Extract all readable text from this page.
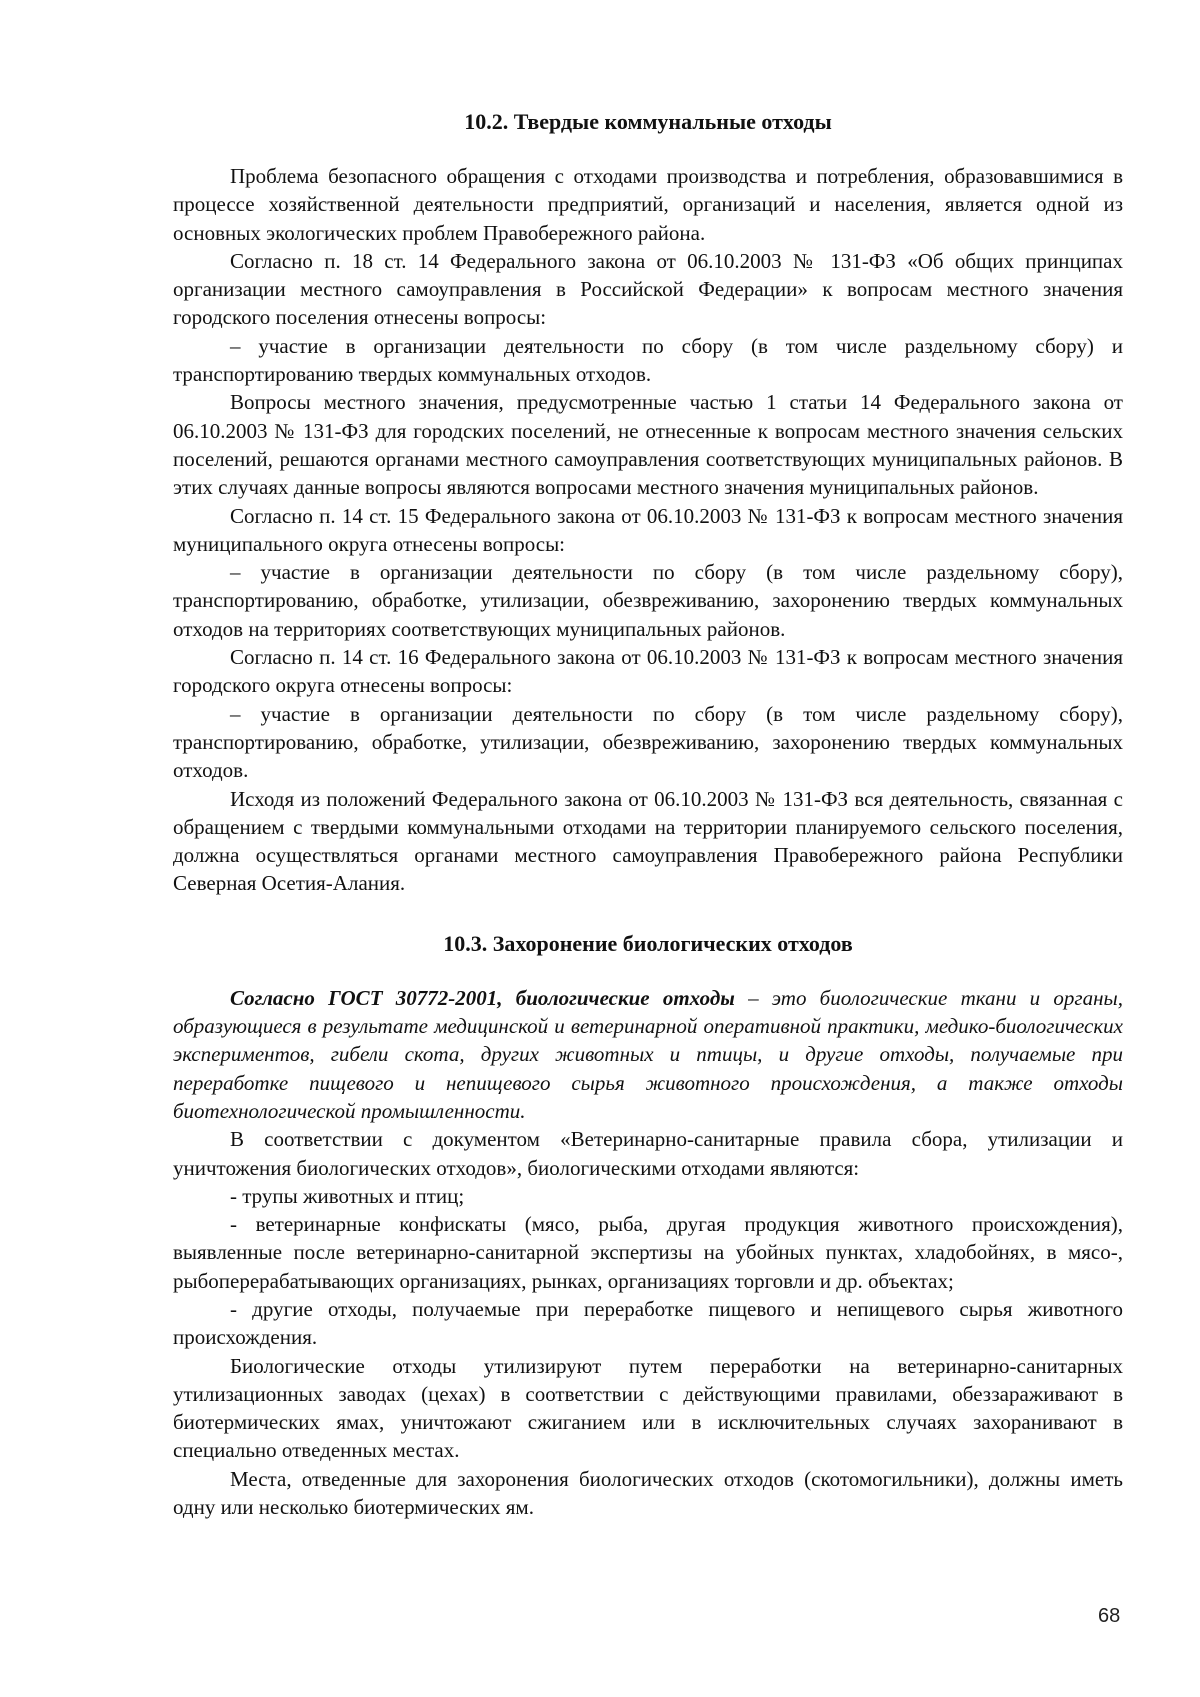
10.2. Твердые коммунальные отходы

Проблема безопасного обращения с отходами производства и потребления, образовавшимися в процессе хозяйственной деятельности предприятий, организаций и населения, является одной из основных экологических проблем Правобережного района.

Согласно п. 18 ст. 14 Федерального закона от 06.10.2003 № 131-ФЗ «Об общих принципах организации местного самоуправления в Российской Федерации» к вопросам местного значения городского поселения отнесены вопросы:

– участие в организации деятельности по сбору (в том числе раздельному сбору) и транспортированию твердых коммунальных отходов.

Вопросы местного значения, предусмотренные частью 1 статьи 14 Федерального закона от 06.10.2003 № 131-ФЗ для городских поселений, не отнесенные к вопросам местного значения сельских поселений, решаются органами местного самоуправления соответствующих муниципальных районов. В этих случаях данные вопросы являются вопросами местного значения муниципальных районов.

Согласно п. 14 ст. 15 Федерального закона от 06.10.2003 № 131-ФЗ к вопросам местного значения муниципального округа отнесены вопросы:

– участие в организации деятельности по сбору (в том числе раздельному сбору), транспортированию, обработке, утилизации, обезвреживанию, захоронению твердых коммунальных отходов на территориях соответствующих муниципальных районов.

Согласно п. 14 ст. 16 Федерального закона от 06.10.2003 № 131-ФЗ к вопросам местного значения городского округа отнесены вопросы:

– участие в организации деятельности по сбору (в том числе раздельному сбору), транспортированию, обработке, утилизации, обезвреживанию, захоронению твердых коммунальных отходов.

Исходя из положений Федерального закона от 06.10.2003 № 131-ФЗ вся деятельность, связанная с обращением с твердыми коммунальными отходами на территории планируемого сельского поселения, должна осуществляться органами местного самоуправления Правобережного района Республики Северная Осетия-Алания.

10.3. Захоронение биологических отходов

Согласно ГОСТ 30772-2001, биологические отходы – это биологические ткани и органы, образующиеся в результате медицинской и ветеринарной оперативной практики, медико-биологических экспериментов, гибели скота, других животных и птицы, и другие отходы, получаемые при переработке пищевого и непищевого сырья животного происхождения, а также отходы биотехнологической промышленности.

В соответствии с документом «Ветеринарно-санитарные правила сбора, утилизации и уничтожения биологических отходов», биологическими отходами являются:

- трупы животных и птиц;

- ветеринарные конфискаты (мясо, рыба, другая продукция животного происхождения), выявленные после ветеринарно-санитарной экспертизы на убойных пунктах, хладобойнях, в мясо-, рыбоперерабатывающих организациях, рынках, организациях торговли и др. объектах;

- другие отходы, получаемые при переработке пищевого и непищевого сырья животного происхождения.

Биологические отходы утилизируют путем переработки на ветеринарно-санитарных утилизационных заводах (цехах) в соответствии с действующими правилами, обеззараживают в биотермических ямах, уничтожают сжиганием или в исключительных случаях захоранивают в специально отведенных местах.

Места, отведенные для захоронения биологических отходов (скотомогильники), должны иметь одну или несколько биотермических ям.

68
